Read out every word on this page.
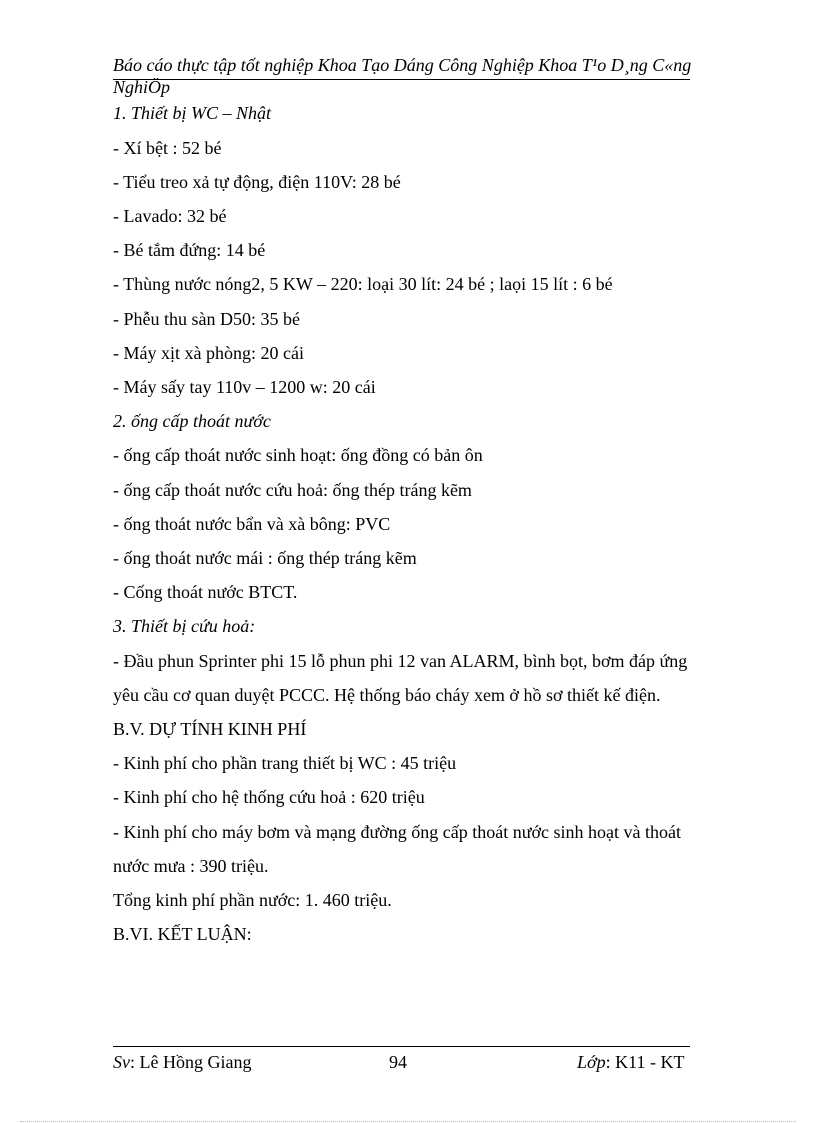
Báo cáo thực tập tốt nghiệp Khoa Tạo Dáng Công Nghiệp Khoa T¹o D¸ng C«ng NghiÖp
1. Thiết bị WC – Nhật
- Xí bệt : 52 bé
- Tiểu treo xả tự động, điện 110V: 28 bé
- Lavado: 32 bé
- Bé tắm đứng: 14 bé
- Thùng nước nóng2, 5 KW – 220: loại 30 lít: 24 bé ; laọi 15 lít : 6 bé
- Phễu thu sàn D50: 35 bé
- Máy xịt xà phòng: 20 cái
- Máy sấy tay 110v – 1200 w: 20 cái
2. ống cấp thoát nước
- ống cấp thoát nước sinh hoạt: ống đồng có bản ôn
- ống cấp thoát nước cứu hoả: ống thép tráng kẽm
- ống thoát nước bẩn và xà bông: PVC
- ống thoát nước mái : ống thép tráng kẽm
- Cống thoát nước BTCT.
3. Thiết bị cứu hoả:
- Đầu phun Sprinter phi 15 lỗ phun phi 12 van ALARM, bình bọt, bơm đáp ứng
yêu cầu cơ quan duyệt PCCC. Hệ thống báo cháy xem ở hồ sơ thiết kế điện.
B.V. DỰ TÍNH KINH PHÍ
- Kinh phí cho phần trang thiết bị WC : 45 triệu
- Kinh phí cho hệ thống cứu hoả : 620 triệu
- Kinh phí cho máy bơm và mạng đường ống cấp thoát nước sinh hoạt và thoát
nước mưa : 390 triệu.
Tổng kinh phí phần nước: 1. 460 triệu.
B.VI. KẾT LUẬN:
Sv: Lê Hồng Giang	94	Lớp: K11 - KT
